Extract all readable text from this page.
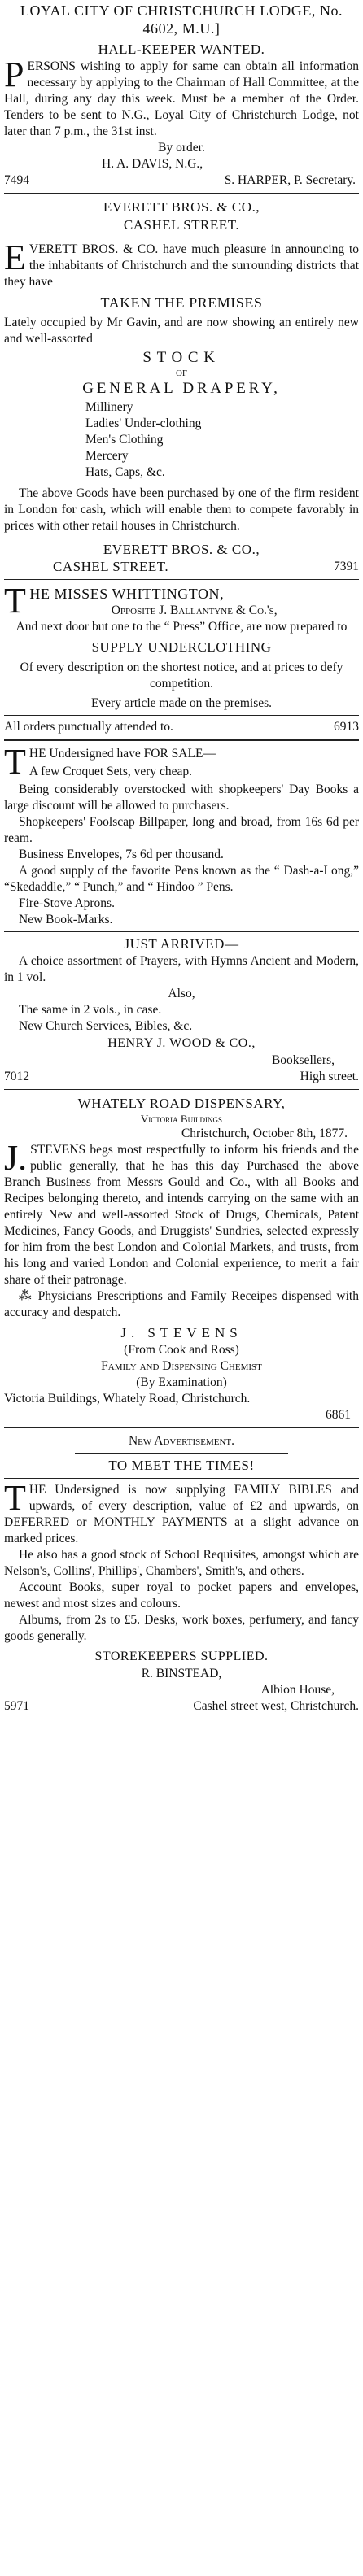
LOYAL CITY OF CHRISTCHURCH LODGE, No. 4602, M.U.]
HALL-KEEPER WANTED.

PERSONS wishing to apply for same can obtain all information necessary by applying to the Chairman of Hall Committee, at the Hall, during any day this week. Must be a member of the Order. Tenders to be sent to N.G., Loyal City of Christchurch Lodge, not later than 7 p.m., the 31st inst.

By order.
H. A. DAVIS, N.G.,
7494	S. HARPER, P. Secretary.
EVERETT BROS. & CO.,
CASHEL STREET.

EVERETT BROS. & CO. have much pleasure in announcing to the inhabitants of Christchurch and the surrounding districts that they have

TAKEN THE PREMISES

Lately occupied by Mr Gavin, and are now showing an entirely new and well-assorted

STOCK
OF
GENERAL DRAPERY,
Millinery
Ladies' Under-clothing
Men's Clothing
Mercery
Hats, Caps, &c.

The above Goods have been purchased by one of the firm resident in London for cash, which will enable them to compete favorably in prices with other retail houses in Christchurch.

EVERETT BROS. & CO.,
CASHEL STREET.	7391
THE MISSES WHITTINGTON,
Opposite J. Ballantyne & Co.'s,
And next door but one to the “ Press” Office, are now prepared to
SUPPLY UNDERCLOTHING
Of every description on the shortest notice, and at prices to defy competition.
Every article made on the premises.
All orders punctually attended to.	6913

THE Undersigned have FOR SALE—

A few Croquet Sets, very cheap.

Being considerably overstocked with shopkeepers' Day Books a large discount will be allowed to purchasers.

Shopkeepers' Foolscap Billpaper, long and broad, from 16s 6d per ream.

Business Envelopes, 7s 6d per thousand.

A good supply of the favorite Pens known as the “ Dash-a-Long,” “Skedaddle,” “ Punch,” and “ Hindoo ” Pens.

Fire-Stove Aprons.

New Book-Marks.

JUST ARRIVED—

A choice assortment of Prayers, with Hymns Ancient and Modern, in 1 vol.

Also,

The same in 2 vols., in case.

New Church Services, Bibles, &c.

HENRY J. WOOD & CO.,
Booksellers,
7012	High street.
WHATELY ROAD DISPENSARY,
Victoria Buildings
Christchurch, October 8th, 1877.

J.STEVENS begs most respectfully to inform his friends and the public generally, that he has this day Purchased the above Branch Business from Messrs Gould and Co., with all Books and Recipes belonging thereto, and intends carrying on the same with an entirely New and well-assorted Stock of Drugs, Chemicals, Patent Medicines, Fancy Goods, and Druggists' Sundries, selected expressly for him from the best London and Colonial Markets, and trusts, from his long and varied London and Colonial experience, to merit a fair share of their patronage.

⁂ Physicians Prescriptions and Family Receipes dispensed with accuracy and despatch.

J. STEVENS
(From Cook and Ross)
Family and Dispensing Chemist
(By Examination)

Victoria Buildings, Whately Road, Christchurch.

6861
New Advertisement.
TO MEET THE TIMES!

THE Undersigned is now supplying FAMILY BIBLES and upwards, of every description, value of £2 and upwards, on DEFERRED or MONTHLY PAYMENTS at a slight advance on marked prices.

He also has a good stock of School Requisites, amongst which are Nelson's, Collins', Phillips', Chambers', Smith's, and others.

Account Books, super royal to pocket papers and envelopes, newest and most sizes and colours.

Albums, from 2s to £5. Desks, work boxes, perfumery, and fancy goods generally.

STOREKEEPERS SUPPLIED.
R. BINSTEAD,
Albion House,
5971	Cashel street west, Christchurch.
